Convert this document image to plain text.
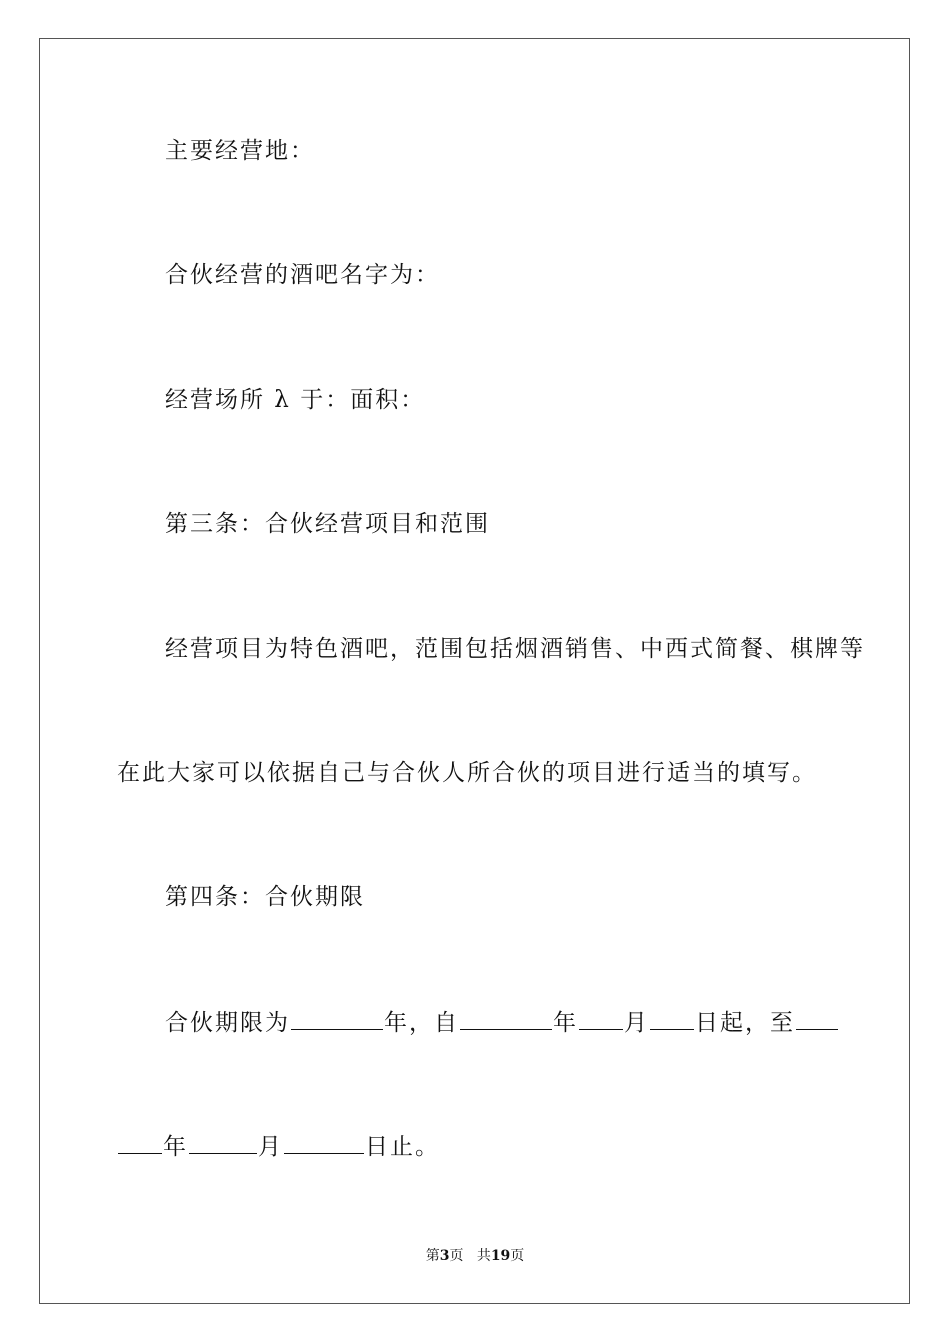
主要经营地：
合伙经营的酒吧名字为：
经营场所 λ 于：面积：
第三条：合伙经营项目和范围
经营项目为特色酒吧，范围包括烟酒销售、中西式简餐、棋牌等
在此大家可以依据自己与合伙人所合伙的项目进行适当的填写。
第四条：合伙期限
合伙期限为	年，自	年 月 日起，至
年	月	日止。
第3页 共19页
